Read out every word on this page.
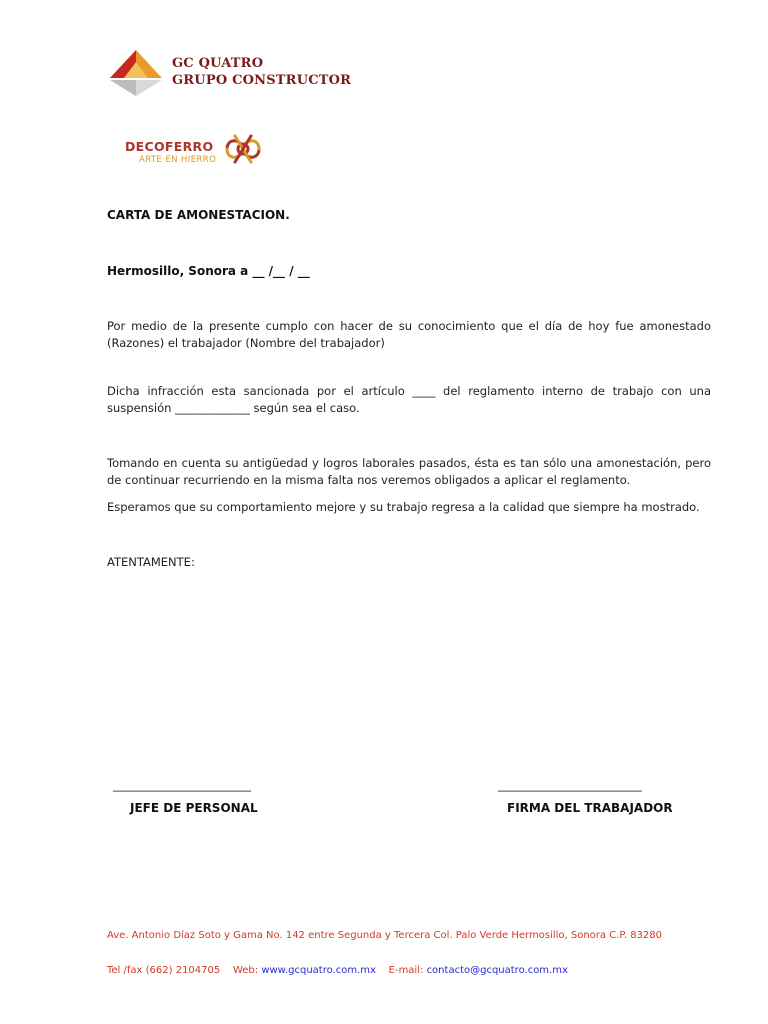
GC QUATRO
GRUPO CONSTRUCTOR
DECOFERRO
ARTE EN HIERRO
CARTA DE AMONESTACION.
Hermosillo, Sonora a __ /__ / __
Por medio de la presente cumplo con hacer de su conocimiento que el día de hoy fue amonestado (Razones) el trabajador (Nombre del trabajador)
Dicha infracción esta sancionada por el artículo ____ del reglamento interno de trabajo con una suspensión _____________ según sea el caso.
Tomando en cuenta su antigüedad y logros laborales pasados, ésta es tan sólo una amonestación, pero de continuar recurriendo en la misma falta nos veremos obligados a aplicar el reglamento.
Esperamos que su comportamiento mejore y su trabajo regresa a la calidad que siempre ha mostrado.
ATENTAMENTE:
________________________	_________________________
JEFE DE PERSONAL	FIRMA DEL TRABAJADOR
Ave. Antonio Díaz Soto y Gama No. 142 entre Segunda y Tercera Col. Palo Verde Hermosillo, Sonora C.P. 83280
Tel /fax (662) 2104705 Web: www.gcquatro.com.mx E-mail: contacto@gcquatro.com.mx
